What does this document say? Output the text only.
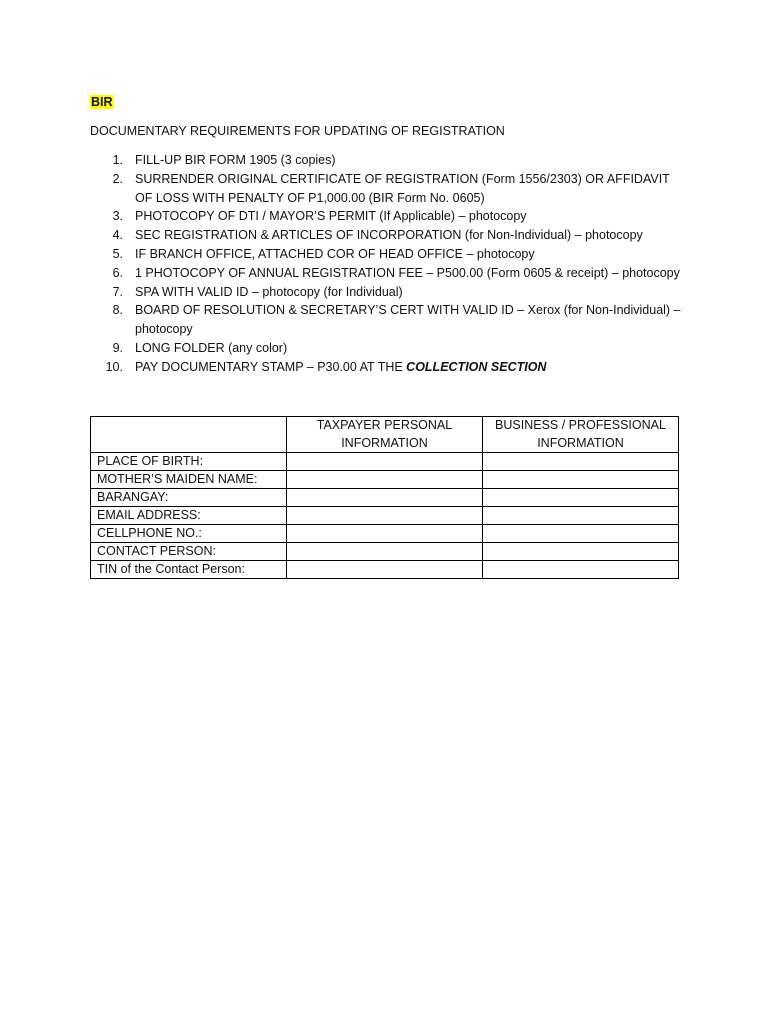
BIR
DOCUMENTARY REQUIREMENTS FOR UPDATING OF REGISTRATION
1. FILL-UP BIR FORM 1905 (3 copies)
2. SURRENDER ORIGINAL CERTIFICATE OF REGISTRATION (Form 1556/2303) OR AFFIDAVIT OF LOSS WITH PENALTY OF P1,000.00 (BIR Form No. 0605)
3. PHOTOCOPY OF DTI / MAYOR’S PERMIT (If Applicable) – photocopy
4. SEC REGISTRATION & ARTICLES OF INCORPORATION (for Non-Individual) – photocopy
5. IF BRANCH OFFICE, ATTACHED COR OF HEAD OFFICE – photocopy
6. 1 PHOTOCOPY OF ANNUAL REGISTRATION FEE – P500.00 (Form 0605 & receipt) – photocopy
7. SPA WITH VALID ID – photocopy (for Individual)
8. BOARD OF RESOLUTION & SECRETARY’S CERT WITH VALID ID – Xerox (for Non-Individual) – photocopy
9. LONG FOLDER (any color)
10. PAY DOCUMENTARY STAMP – P30.00 AT THE COLLECTION SECTION
	TAXPAYER PERSONAL INFORMATION	BUSINESS / PROFESSIONAL INFORMATION
PLACE OF BIRTH:		
MOTHER’S MAIDEN NAME:		
BARANGAY:		
EMAIL ADDRESS:		
CELLPHONE NO.:		
CONTACT PERSON:		
TIN of the Contact Person:		
